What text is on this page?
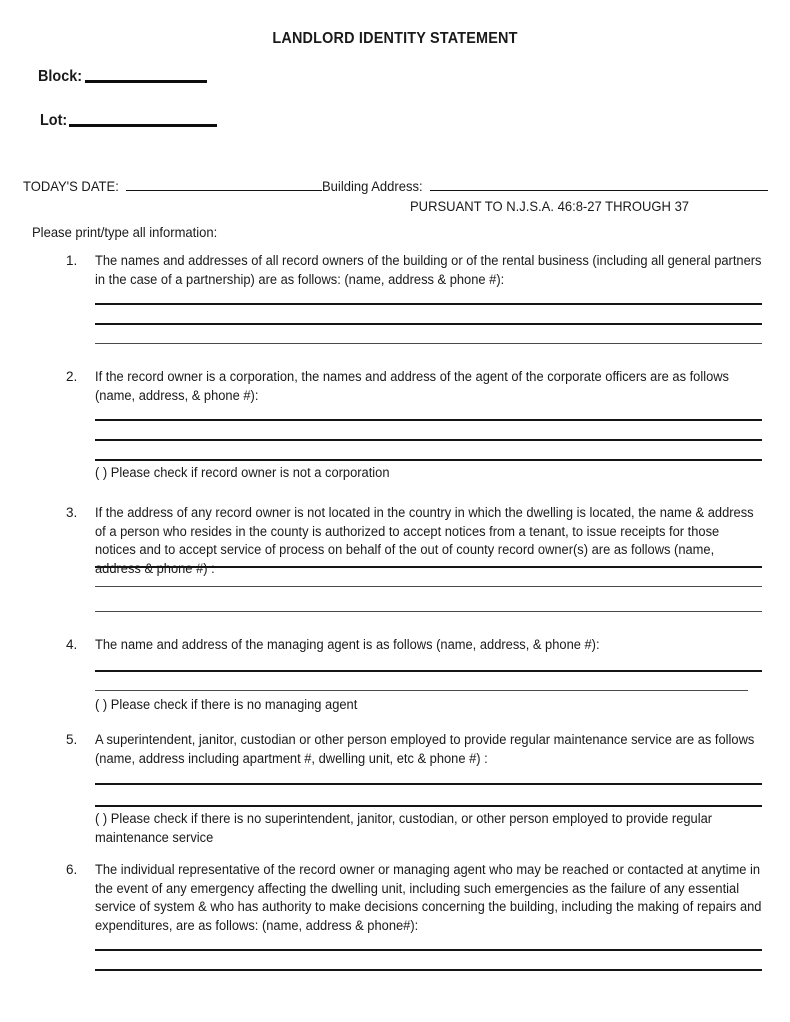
LANDLORD IDENTITY STATEMENT
Block:
Lot:
TODAY'S DATE:	Building Address:
PURSUANT TO N.J.S.A. 46:8-27 THROUGH 37
Please print/type all information:
1.	The names and addresses of all record owners of the building or of the rental business (including all general partners in the case of a partnership) are as follows: (name, address & phone #):
2.	If the record owner is a corporation, the names and address of the agent of the corporate officers are as follows (name, address, & phone #):
( ) Please check if record owner is not a corporation
3.	If the address of any record owner is not located in the country in which the dwelling is located, the name & address of a person who resides in the county is authorized to accept notices from a tenant, to issue receipts for those notices and to accept service of process on behalf of the out of county record owner(s) are as follows (name, address & phone #) :
4.	The name and address of the managing agent is as follows (name, address, & phone #):
( ) Please check if there is no managing agent
5.	A superintendent, janitor, custodian or other person employed to provide regular maintenance service are as follows (name, address including apartment #, dwelling unit, etc & phone #) :
( ) Please check if there is no superintendent, janitor, custodian, or other person employed to provide regular maintenance service
6.	The individual representative of the record owner or managing agent who may be reached or contacted at anytime in the event of any emergency affecting the dwelling unit, including such emergencies as the failure of any essential service of system & who has authority to make decisions concerning the building, including the making of repairs and expenditures, are as follows: (name, address & phone#):
